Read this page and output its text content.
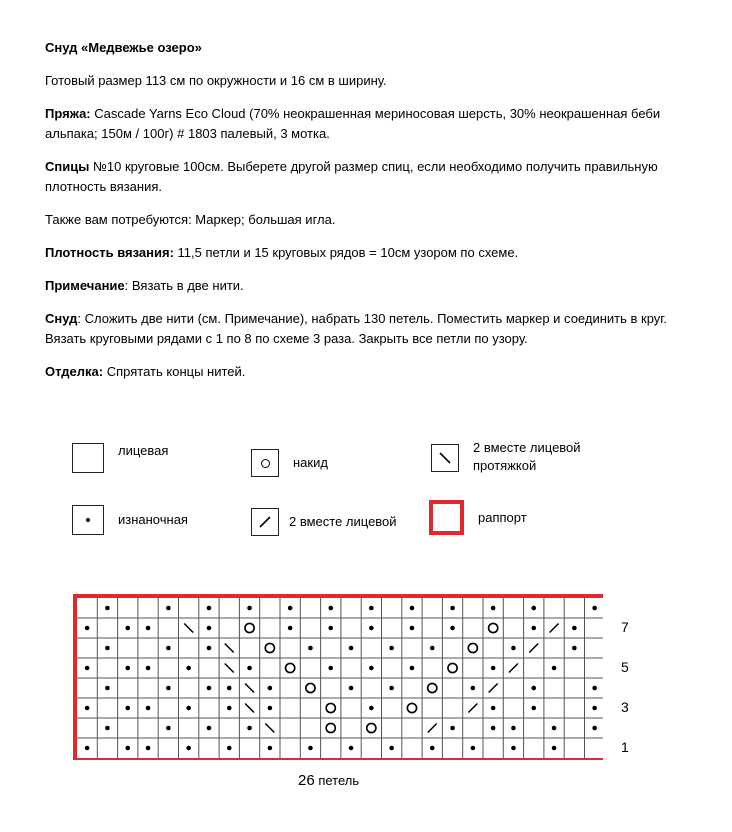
Снуд «Медвежье озеро»

Готовый размер 113 см по окружности и 16 см в ширину.

Пряжа: Cascade Yarns Eco Cloud (70% неокрашенная мериносовая шерсть, 30% неокрашенная беби альпака; 150м / 100г) # 1803 палевый, 3 мотка.

Спицы №10 круговые 100см. Выберете другой размер спиц, если необходимо получить правильную плотность вязания.

Также вам потребуются: Маркер; большая игла.

Плотность вязания: 11,5 петли и 15 круговых рядов = 10см узором по схеме.

Примечание: Вязать в две нити.

Снуд: Сложить две нити (см. Примечание), набрать 130 петель. Поместить маркер и соединить в круг. Вязать круговыми рядами с 1 по 8 по схеме 3 раза. Закрыть все петли по узору.

Отделка: Спрятать концы нитей.

лицевая
изнаночная
накид
2 вместе лицевой
2 вместе лицевой протяжкой
раппорт
7
5
3
1
26 петель
